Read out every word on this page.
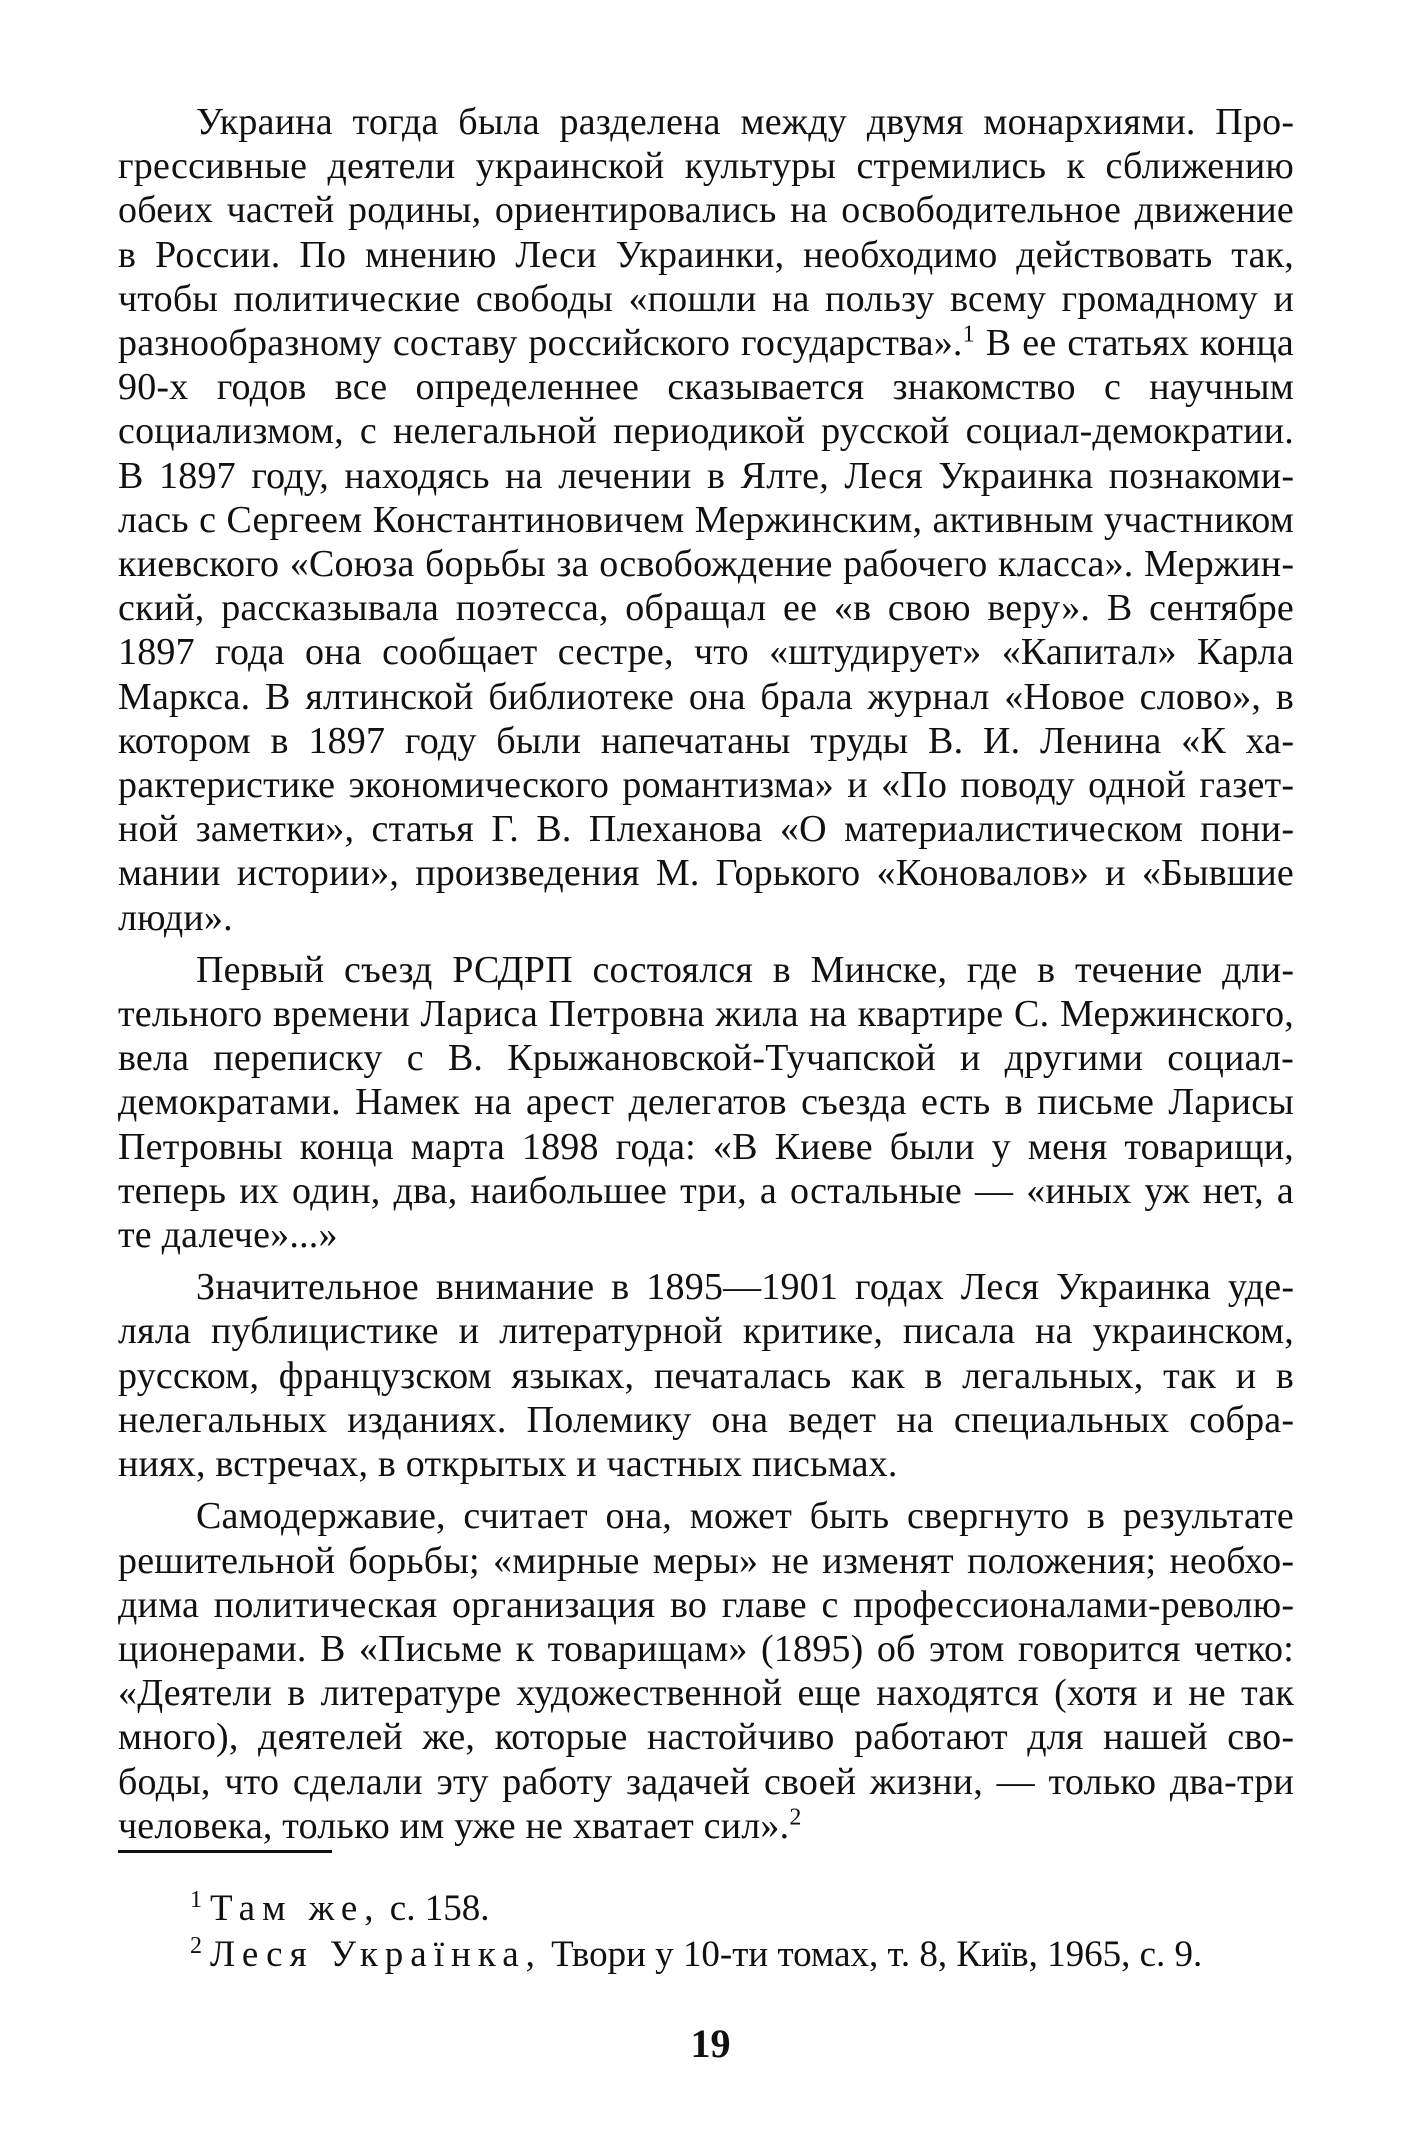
Украина тогда была разделена между двумя монархиями. Прогрессивные деятели украинской культуры стремились к сближению обеих частей родины, ориентировались на освободительное движение в России. По мнению Леси Украинки, необходимо действовать так, чтобы политические свободы «пошли на пользу всему громадному и разнообразному составу российского государства».$^1$ В ее статьях конца 90-х годов все определеннее сказывается знакомство с научным социализмом, с нелегальной периодикой русской социал-демократии. В 1897 году, находясь на лечении в Ялте, Леся Украинка познакомилась с Сергеем Константиновичем Мержинским, активным участником киевского «Союза борьбы за освобождение рабочего класса». Мержинский, рассказывала поэтесса, обращал ее «в свою веру». В сентябре 1897 года она сообщает сестре, что «штудирует» «Капитал» Карла Маркса. В ялтинской библиотеке она брала журнал «Новое слово», в котором в 1897 году были напечатаны труды В. И. Ленина «К характеристике экономического романтизма» и «По поводу одной газетной заметки», статья Г. В. Плеханова «О материалистическом понимании истории», произведения М. Горького «Коновалов» и «Бывшие люди».

Первый съезд РСДРП состоялся в Минске, где в течение длительного времени Лариса Петровна жила на квартире С. Мержинского, вела переписку с В. Крыжановской-Тучапской и другими социал-демократами. Намек на арест делегатов съезда есть в письме Ларисы Петровны конца марта 1898 года: «В Киеве были у меня товарищи, теперь их один, два, наибольшее три, а остальные — «иных уж нет, а те далече»...»

Значительное внимание в 1895—1901 годах Леся Украинка уделяла публицистике и литературной критике, писала на украинском, русском, французском языках, печаталась как в легальных, так и в нелегальных изданиях. Полемику она ведет на специальных собраниях, встречах, в открытых и частных письмах.

Самодержавие, считает она, может быть свергнуто в результате решительной борьбы; «мирные меры» не изменят положения; необходима политическая организация во главе с профессионалами-революционерами. В «Письме к товарищам» (1895) об этом говорится четко: «Деятели в литературе художественной еще находятся (хотя и не так много), деятелей же, которые настойчиво работают для нашей свободы, что сделали эту работу задачей своей жизни, — только два-три человека, только им уже не хватает сил».$^2$

$^1$ Там же, с. 158.
$^2$ Леся Українка, Твори у 10-ти томах, т. 8, Київ, 1965, с. 9.
19
